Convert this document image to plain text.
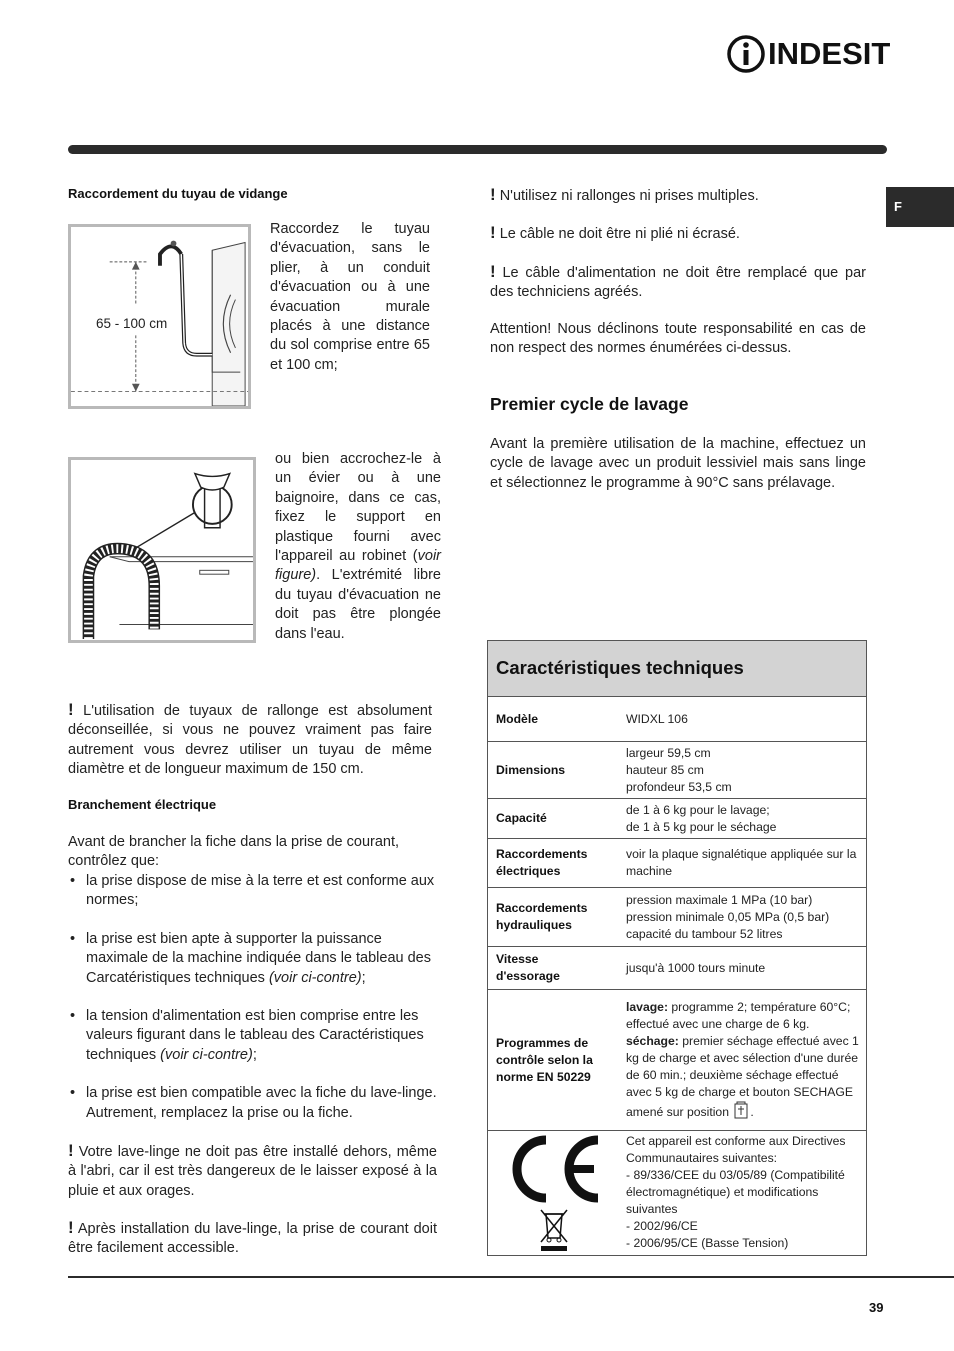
INDESIT
F
Raccordement du tuyau de vidange
65 - 100 cm
Raccordez le tuyau d'évacuation, sans le plier, à un conduit d'évacuation ou à une évacuation murale placés à une distance du sol comprise entre 65 et 100 cm;
ou bien accrochez-le à un évier ou à une baignoire, dans ce cas, fixez le support en plastique fourni avec l'appareil au robinet (voir figure). L'extrémité libre du tuyau d'évacuation ne doit pas être plongée dans l'eau.
! L'utilisation de tuyaux de rallonge est absolument déconseillée, si vous ne pouvez vraiment pas faire autrement vous devrez utiliser un tuyau de même diamètre et de longueur maximum de 150 cm.
Branchement électrique
Avant de brancher la fiche dans la prise de courant, contrôlez que:
• la prise dispose de mise à la terre et est conforme aux normes;
• la prise est bien apte à supporter la puissance maximale de la machine indiquée dans le tableau des Carcatéristiques techniques (voir ci-contre);
• la tension d'alimentation est bien comprise entre les valeurs figurant dans le tableau des Caractéristiques techniques (voir ci-contre);
• la prise est bien compatible avec la fiche du lave-linge. Autrement, remplacez la prise ou la fiche.
! Votre lave-linge ne doit pas être installé dehors, même à l'abri, car il est très dangereux de le laisser exposé à la pluie et aux orages.
! Après installation du lave-linge, la prise de courant doit être facilement accessible.
! N'utilisez ni rallonges ni prises multiples.
! Le câble ne doit être ni plié ni écrasé.
! Le câble d'alimentation ne doit être remplacé que par des techniciens agréés.
Attention! Nous déclinons toute responsabilité en cas de non respect des normes énumérées ci-dessus.
Premier cycle de lavage
Avant la première utilisation de la machine, effectuez un cycle de lavage avec un produit lessiviel mais sans linge et sélectionnez le programme à 90°C sans prélavage.
Caractéristiques techniques
Modèle	WIDXL 106
Dimensions
largeur 59,5 cm
hauteur 85 cm
profondeur 53,5 cm
Capacité
de 1 à 6 kg pour le lavage;
de 1 à 5 kg pour le séchage
Raccordements
électriques
voir la plaque signalétique appliquée sur la machine
Raccordements
hydrauliques
pression maximale 1 MPa (10 bar)
pression minimale 0,05 MPa (0,5 bar)
capacité du tambour 52 litres
Vitesse
d'essorage
jusqu'à 1000 tours minute
Programmes de contrôle selon la norme EN 50229
lavage: programme 2; température 60°C; effectué avec une charge de 6 kg.
séchage: premier séchage effectué avec 1 kg de charge et avec sélection d'une durée de 60 min.; deuxième séchage effectué avec 5 kg de charge et bouton SECHAGE amené sur position .
Cet appareil est conforme aux Directives Communautaires suivantes:
- 89/336/CEE du 03/05/89 (Compatibilité électromagnétique) et modifications suivantes
- 2002/96/CE
- 2006/95/CE (Basse Tension)
39
